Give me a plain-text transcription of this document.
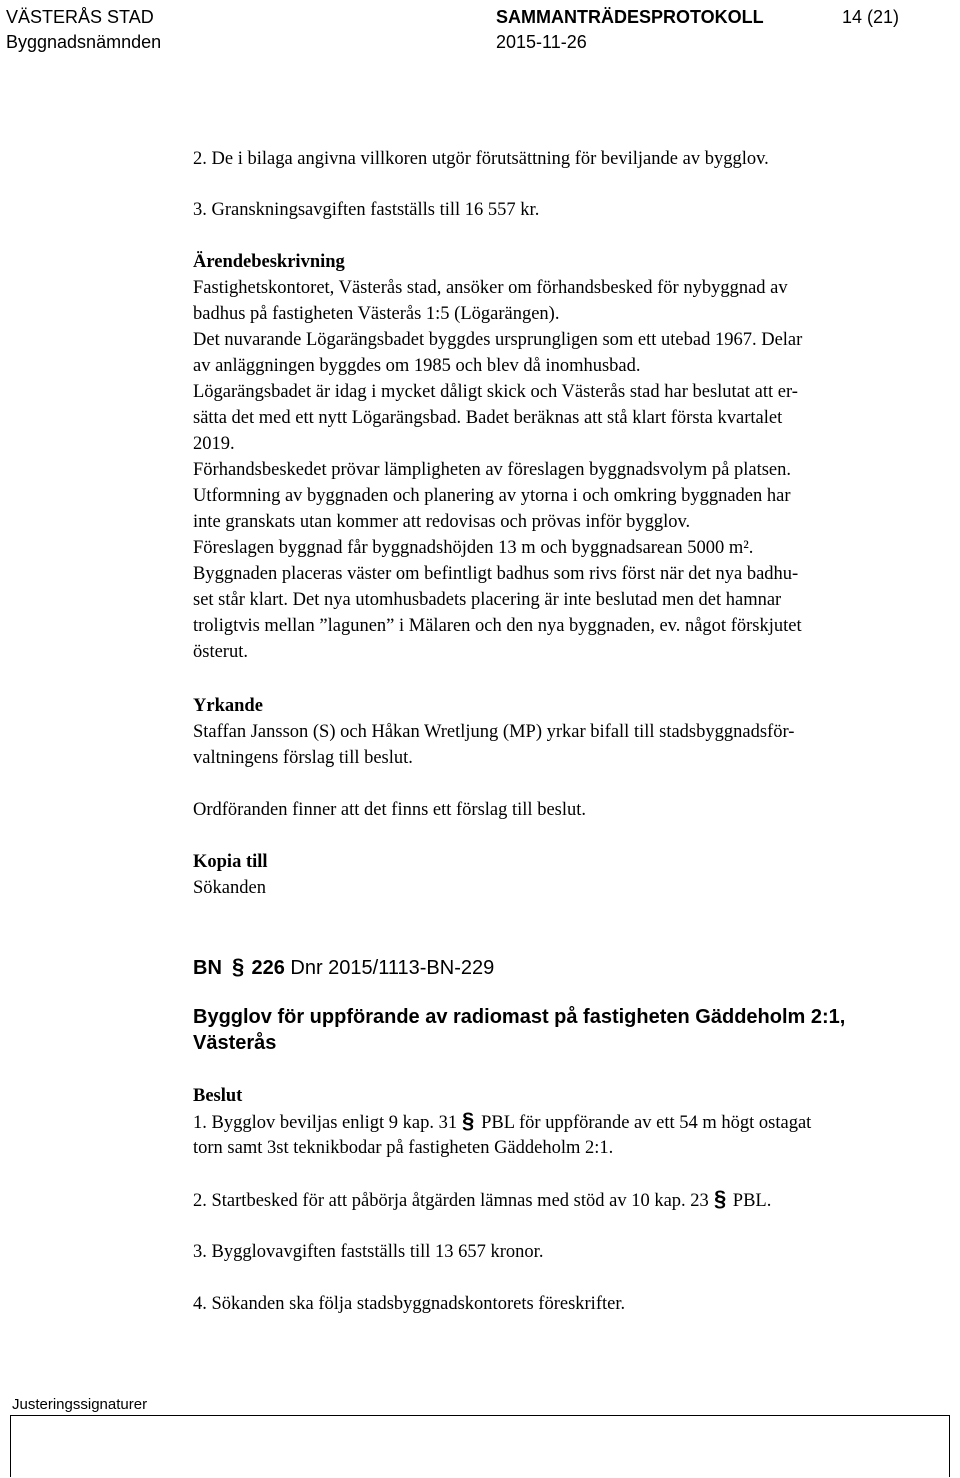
VÄSTERÅS STAD
Byggnadsnämnden
SAMMANTRÄDESPROTOKOLL
2015-11-26
14 (21)
2. De i bilaga angivna villkoren utgör förutsättning för beviljande av bygglov.
3. Granskningsavgiften fastställs till 16 557 kr.
Ärendebeskrivning
Fastighetskontoret, Västerås stad, ansöker om förhandsbesked för nybyggnad av
badhus på fastigheten Västerås 1:5 (Lögarängen).
Det nuvarande Lögarängsbadet byggdes ursprungligen som ett utebad 1967. Delar
av anläggningen byggdes om 1985 och blev då inomhusbad.
Lögarängsbadet är idag i mycket dåligt skick och Västerås stad har beslutat att er-
sätta det med ett nytt Lögarängsbad. Badet beräknas att stå klart första kvartalet
2019.
Förhandsbeskedet prövar lämpligheten av föreslagen byggnadsvolym på platsen.
Utformning av byggnaden och planering av ytorna i och omkring byggnaden har
inte granskats utan kommer att redovisas och prövas inför bygglov.
Föreslagen byggnad får byggnadshöjden 13 m och byggnadsarean 5000 m².
Byggnaden placeras väster om befintligt badhus som rivs först när det nya badhu-
set står klart. Det nya utomhusbadets placering är inte beslutad men det hamnar
troligtvis mellan ”lagunen” i Mälaren och den nya byggnaden, ev. något förskjutet
österut.
Yrkande
Staffan Jansson (S) och Håkan Wretljung (MP) yrkar bifall till stadsbyggnadsför-
valtningens förslag till beslut.
Ordföranden finner att det finns ett förslag till beslut.
Kopia till
Sökanden
BN § 226 Dnr 2015/1113-BN-229
Bygglov för uppförande av radiomast på fastigheten Gäddeholm 2:1,
Västerås
Beslut
1. Bygglov beviljas enligt 9 kap. 31 § PBL för uppförande av ett 54 m högt ostagat
torn samt 3st teknikbodar på fastigheten Gäddeholm 2:1.
2. Startbesked för att påbörja åtgärden lämnas med stöd av 10 kap. 23 § PBL.
3. Bygglovavgiften fastställs till 13 657 kronor.
4. Sökanden ska följa stadsbyggnadskontorets föreskrifter.
Justeringssignaturer
